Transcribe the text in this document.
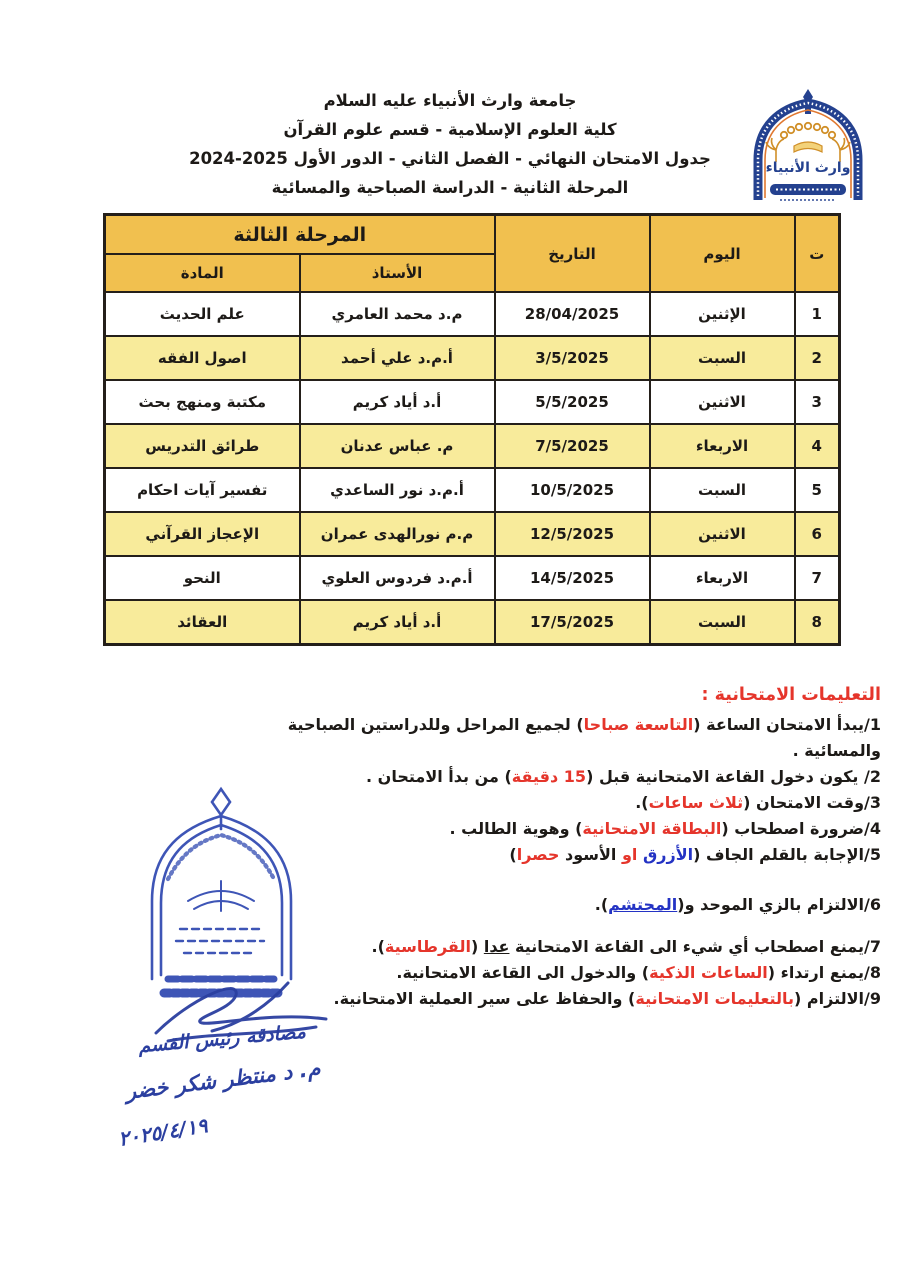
جامعة وارث الأنبياء عليه السلام
كلية العلوم الإسلامية - قسم علوم القرآن
جدول الامتحان النهائي - الفصل الثاني - الدور الأول 2025-2024
المرحلة الثانية - الدراسة الصباحية والمسائية
وارث الأنبياء
ت	اليوم	التاريخ	المرحلة الثالثة	
			الأستاذ	المادة
1	الإثنين	28/04/2025	م.د محمد العامري	علم الحديث
2	السبت	3/5/2025	أ.م.د علي أحمد	اصول الفقه
3	الاثنين	5/5/2025	أ.د أياد كريم	مكتبة ومنهج بحث
4	الاربعاء	7/5/2025	م. عباس عدنان	طرائق التدريس
5	السبت	10/5/2025	أ.م.د نور الساعدي	تفسير آيات احكام
6	الاثنين	12/5/2025	م.م نورالهدى عمران	الإعجاز القرآني
7	الاربعاء	14/5/2025	أ.م.د فردوس العلوي	النحو
8	السبت	17/5/2025	أ.د أياد كريم	العقائد
التعليمات الامتحانية :
1/يبدأ الامتحان الساعة (التاسعة صباحا) لجميع المراحل وللدراستين الصباحية والمسائية .
2/ يكون دخول القاعة الامتحانية قبل (15 دقيقة) من بدأ الامتحان .
3/وقت الامتحان (ثلاث ساعات).
4/ضرورة اصطحاب (البطاقة الامتحانية) وهوية الطالب .
5/الإجابة بالقلم الجاف (الأزرق او الأسود حصرا)
6/الالتزام بالزي الموحد و(المحتشم).
7/يمنع اصطحاب أي شيء الى القاعة الامتحانية عدا (القرطاسية).
8/يمنع ارتداء (الساعات الذكية) والدخول الى القاعة الامتحانية.
9/الالتزام (بالتعليمات الامتحانية) والحفاظ على سير العملية الامتحانية.
مصادقة رئيس القسم
م. د منتظر شكر خضر
٢٠٢٥/٤/١٩
